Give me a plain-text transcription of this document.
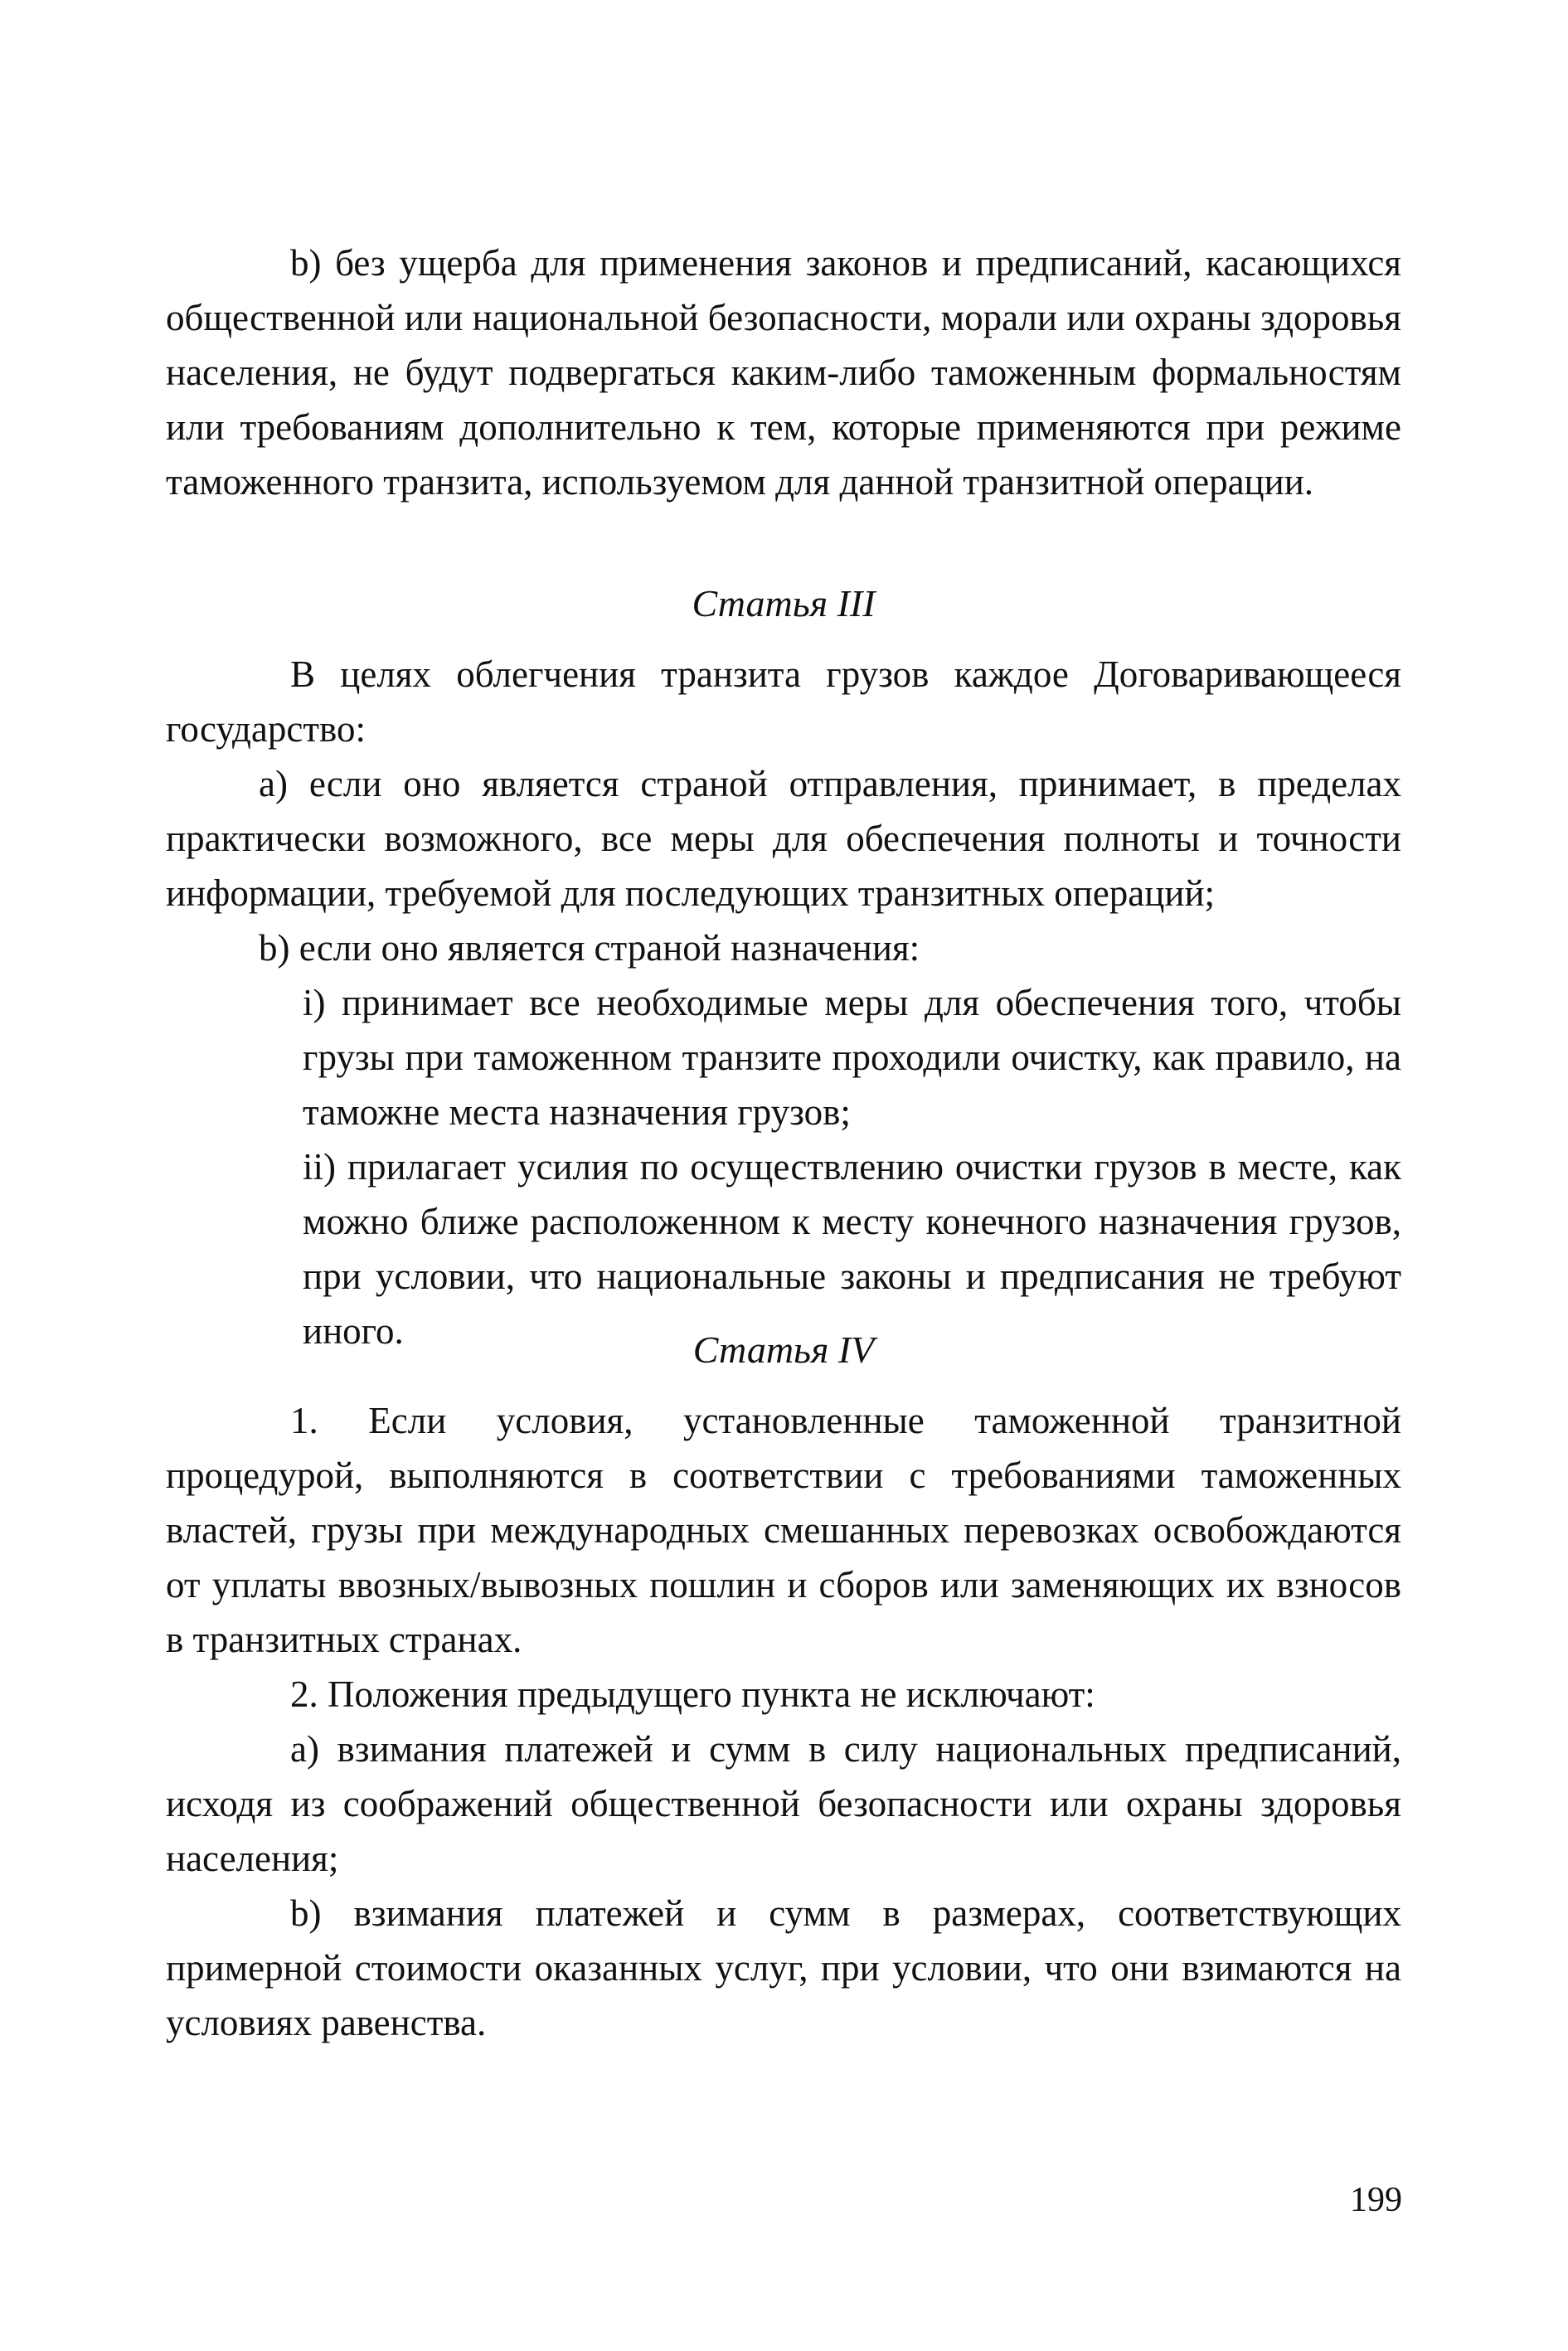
b) без ущерба для применения законов и предписаний, касающихся общественной или национальной безопасности, морали или охраны здоровья населения, не будут подвергаться каким-либо таможенным формальностям или требованиям дополнительно к тем, которые применяются при режиме таможенного транзита, используемом для данной транзитной операции.

Статья III

В целях облегчения транзита грузов каждое Договаривающееся государство:

a) если оно является страной отправления, принимает, в пределах практически возможного, все меры для обеспечения полноты и точности информации, требуемой для последующих транзитных операций;

b) если оно является страной назначения:

i) принимает все необходимые меры для обеспечения того, чтобы грузы при таможенном транзите проходили очистку, как правило, на таможне места назначения грузов;

ii) прилагает усилия по осуществлению очистки грузов в месте, как можно ближе расположенном к месту конечного назначения грузов, при условии, что национальные законы и предписания не требуют иного.	Статья IV

1. Если условия, установленные таможенной транзитной процедурой, выполняются в соответствии с требованиями таможенных властей, грузы при международных смешанных перевозках освобождаются от уплаты ввозных/вывозных пошлин и сборов или заменяющих их взносов в транзитных странах.

2. Положения предыдущего пункта не исключают:

a) взимания платежей и сумм в силу национальных предписаний, исходя из соображений общественной безопасности или охраны здоровья населения;

b) взимания платежей и сумм в размерах, соответствующих примерной стоимости оказанных услуг, при условии, что они взимаются на условиях равенства.

199
